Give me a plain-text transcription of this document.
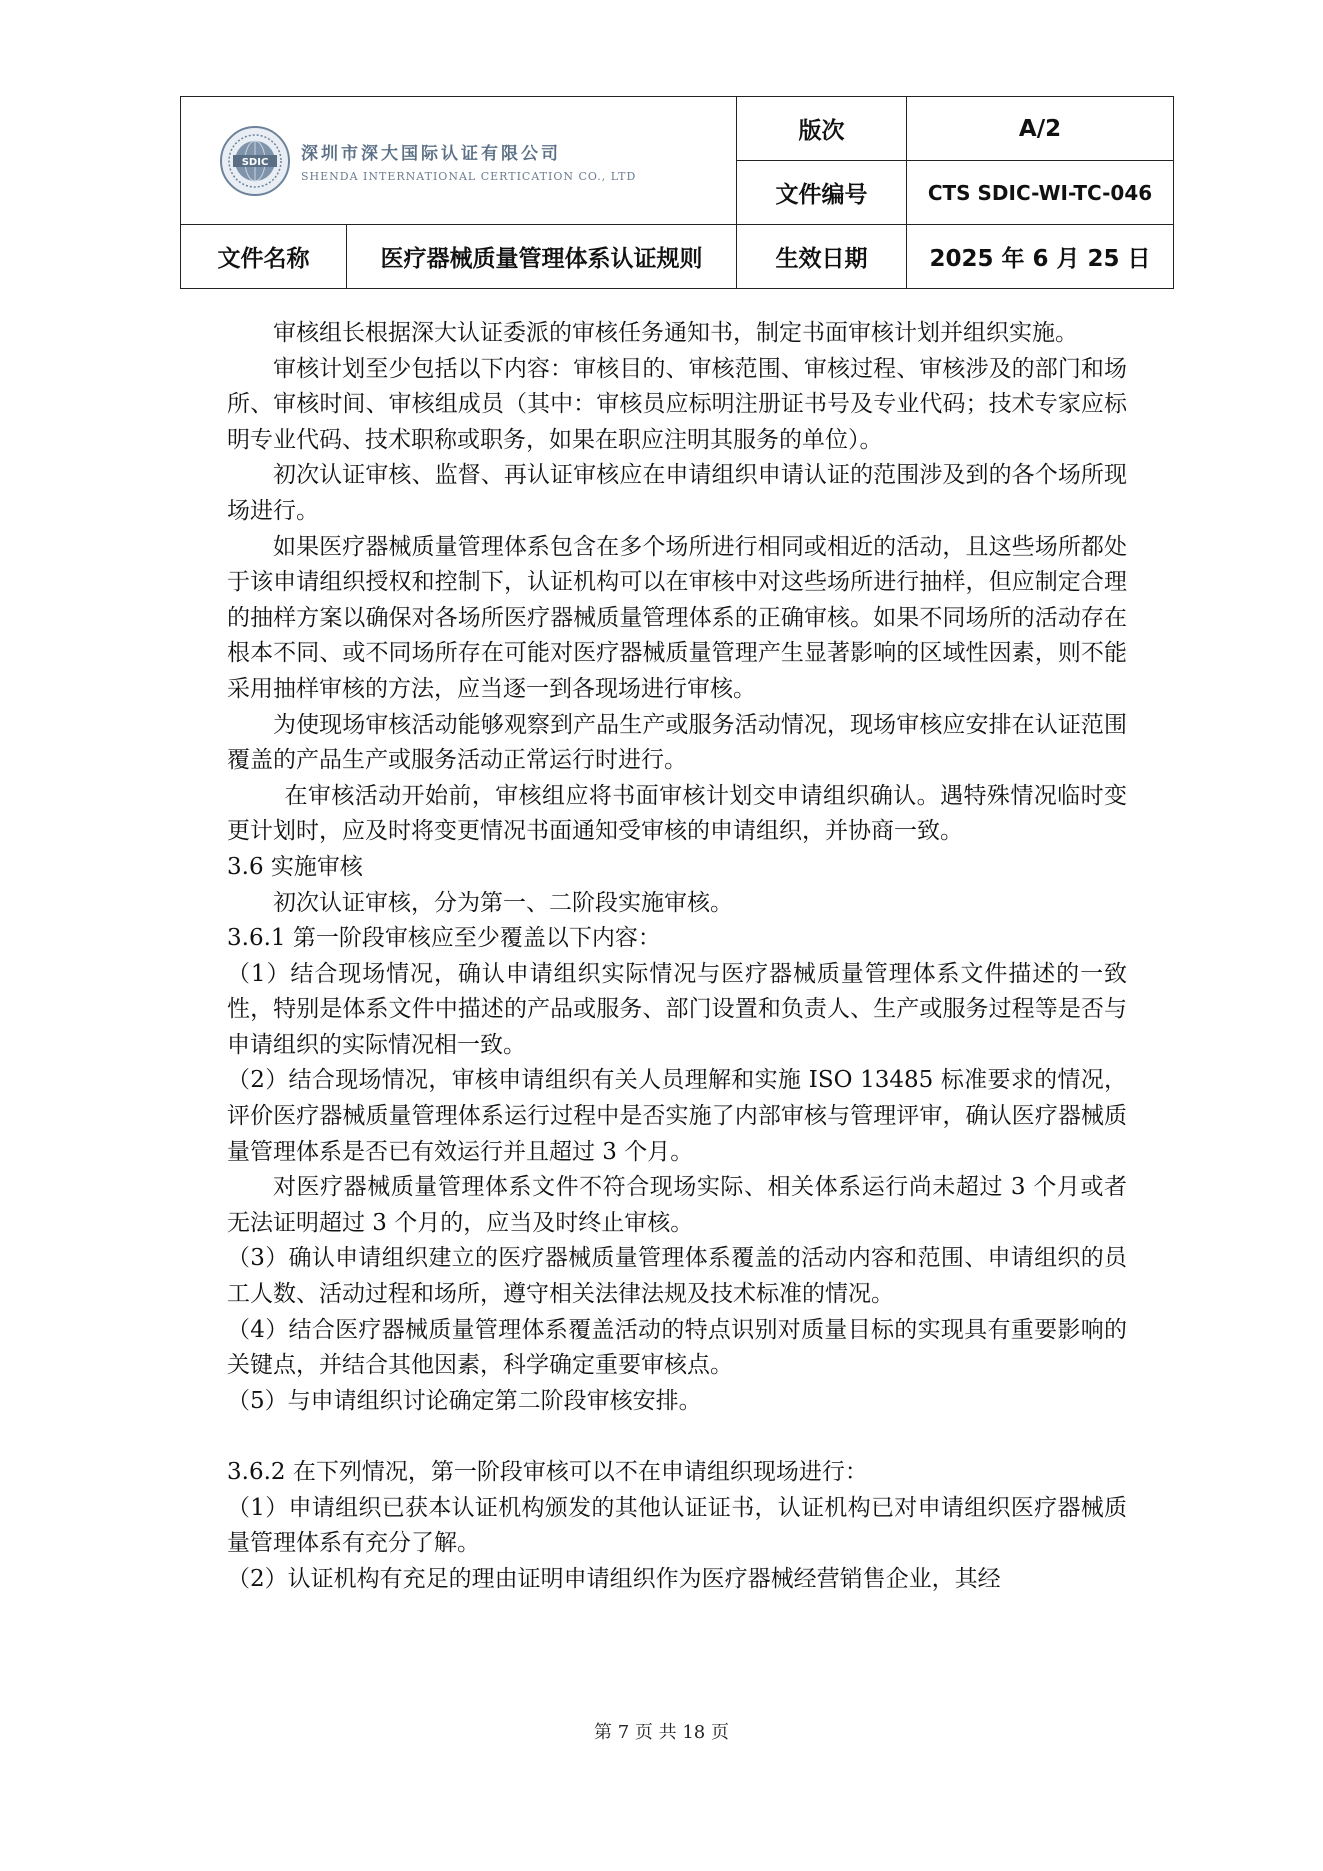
SDIC 深圳市深大国际认证有限公司
SHENDA INTERNATIONAL CERTICATION CO., LTD		版次	A/2
		文件编号	CTS SDIC-WI-TC-046
文件名称	医疗器械质量管理体系认证规则	生效日期	2025 年 6 月 25 日

审核组长根据深大认证委派的审核任务通知书，制定书面审核计划并组织实施。

审核计划至少包括以下内容：审核目的、审核范围、审核过程、审核涉及的部门和场所、审核时间、审核组成员（其中：审核员应标明注册证书号及专业代码；技术专家应标明专业代码、技术职称或职务，如果在职应注明其服务的单位）。

初次认证审核、监督、再认证审核应在申请组织申请认证的范围涉及到的各个场所现场进行。

如果医疗器械质量管理体系包含在多个场所进行相同或相近的活动，且这些场所都处于该申请组织授权和控制下，认证机构可以在审核中对这些场所进行抽样，但应制定合理的抽样方案以确保对各场所医疗器械质量管理体系的正确审核。如果不同场所的活动存在根本不同、或不同场所存在可能对医疗器械质量管理产生显著影响的区域性因素，则不能采用抽样审核的方法，应当逐一到各现场进行审核。

为使现场审核活动能够观察到产品生产或服务活动情况，现场审核应安排在认证范围覆盖的产品生产或服务活动正常运行时进行。

在审核活动开始前，审核组应将书面审核计划交申请组织确认。遇特殊情况临时变更计划时，应及时将变更情况书面通知受审核的申请组织，并协商一致。

3.6 实施审核

初次认证审核，分为第一、二阶段实施审核。

3.6.1 第一阶段审核应至少覆盖以下内容：

（1）结合现场情况，确认申请组织实际情况与医疗器械质量管理体系文件描述的一致性，特别是体系文件中描述的产品或服务、部门设置和负责人、生产或服务过程等是否与申请组织的实际情况相一致。

（2）结合现场情况，审核申请组织有关人员理解和实施 ISO 13485 标准要求的情况，评价医疗器械质量管理体系运行过程中是否实施了内部审核与管理评审，确认医疗器械质量管理体系是否已有效运行并且超过 3 个月。

对医疗器械质量管理体系文件不符合现场实际、相关体系运行尚未超过 3 个月或者无法证明超过 3 个月的，应当及时终止审核。

（3）确认申请组织建立的医疗器械质量管理体系覆盖的活动内容和范围、申请组织的员工人数、活动过程和场所，遵守相关法律法规及技术标准的情况。

（4）结合医疗器械质量管理体系覆盖活动的特点识别对质量目标的实现具有重要影响的关键点，并结合其他因素，科学确定重要审核点。

（5）与申请组织讨论确定第二阶段审核安排。

3.6.2 在下列情况，第一阶段审核可以不在申请组织现场进行：

（1）申请组织已获本认证机构颁发的其他认证证书，认证机构已对申请组织医疗器械质量管理体系有充分了解。

（2）认证机构有充足的理由证明申请组织作为医疗器械经营销售企业，其经

第 7 页 共 18 页
